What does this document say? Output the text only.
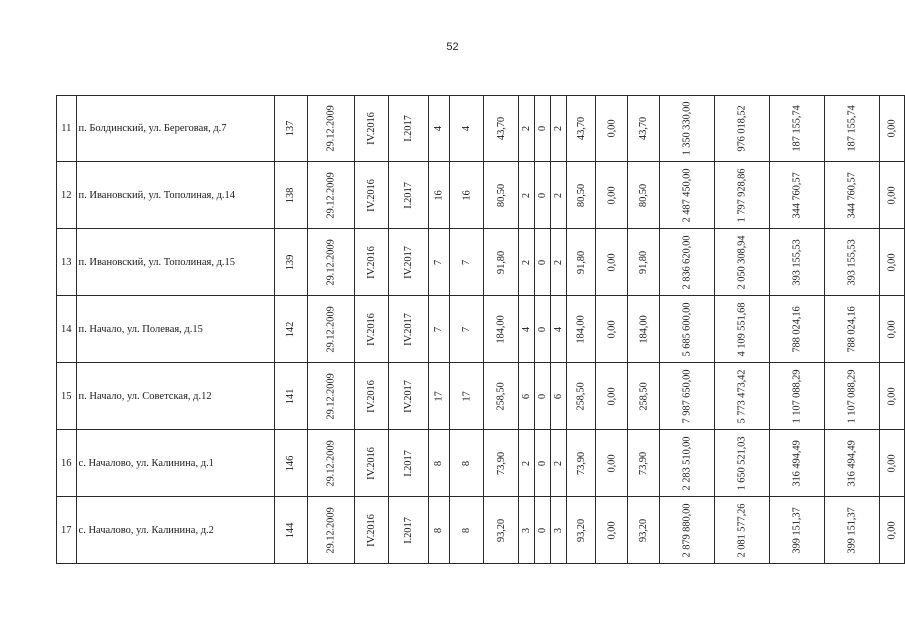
52
11	п. Болдинский, ул. Береговая, д.7	137	29.12.2009	IV.2016	I.2017	4	4	43,70	2	0	2	43,70	0,00	43,70	1 350 330,00	976 018,52	187 155,74	187 155,74	0,00
12	п. Ивановский, ул. Тополиная, д.14	138	29.12.2009	IV.2016	I.2017	16	16	80,50	2	0	2	80,50	0,00	80,50	2 487 450,00	1 797 928,86	344 760,57	344 760,57	0,00
13	п. Ивановский, ул. Тополиная, д.15	139	29.12.2009	IV.2016	IV.2017	7	7	91,80	2	0	2	91,80	0,00	91,80	2 836 620,00	2 050 308,94	393 155,53	393 155,53	0,00
14	п. Начало, ул. Полевая, д.15	142	29.12.2009	IV.2016	IV.2017	7	7	184,00	4	0	4	184,00	0,00	184,00	5 685 600,00	4 109 551,68	788 024,16	788 024,16	0,00
15	п. Начало, ул. Советская, д.12	141	29.12.2009	IV.2016	IV.2017	17	17	258,50	6	0	6	258,50	0,00	258,50	7 987 650,00	5 773 473,42	1 107 088,29	1 107 088,29	0,00
16	с. Началово, ул. Калинина, д.1	146	29.12.2009	IV.2016	I.2017	8	8	73,90	2	0	2	73,90	0,00	73,90	2 283 510,00	1 650 521,03	316 494,49	316 494,49	0,00
17	с. Началово, ул. Калинина, д.2	144	29.12.2009	IV.2016	I.2017	8	8	93,20	3	0	3	93,20	0,00	93,20	2 879 880,00	2 081 577,26	399 151,37	399 151,37	0,00
